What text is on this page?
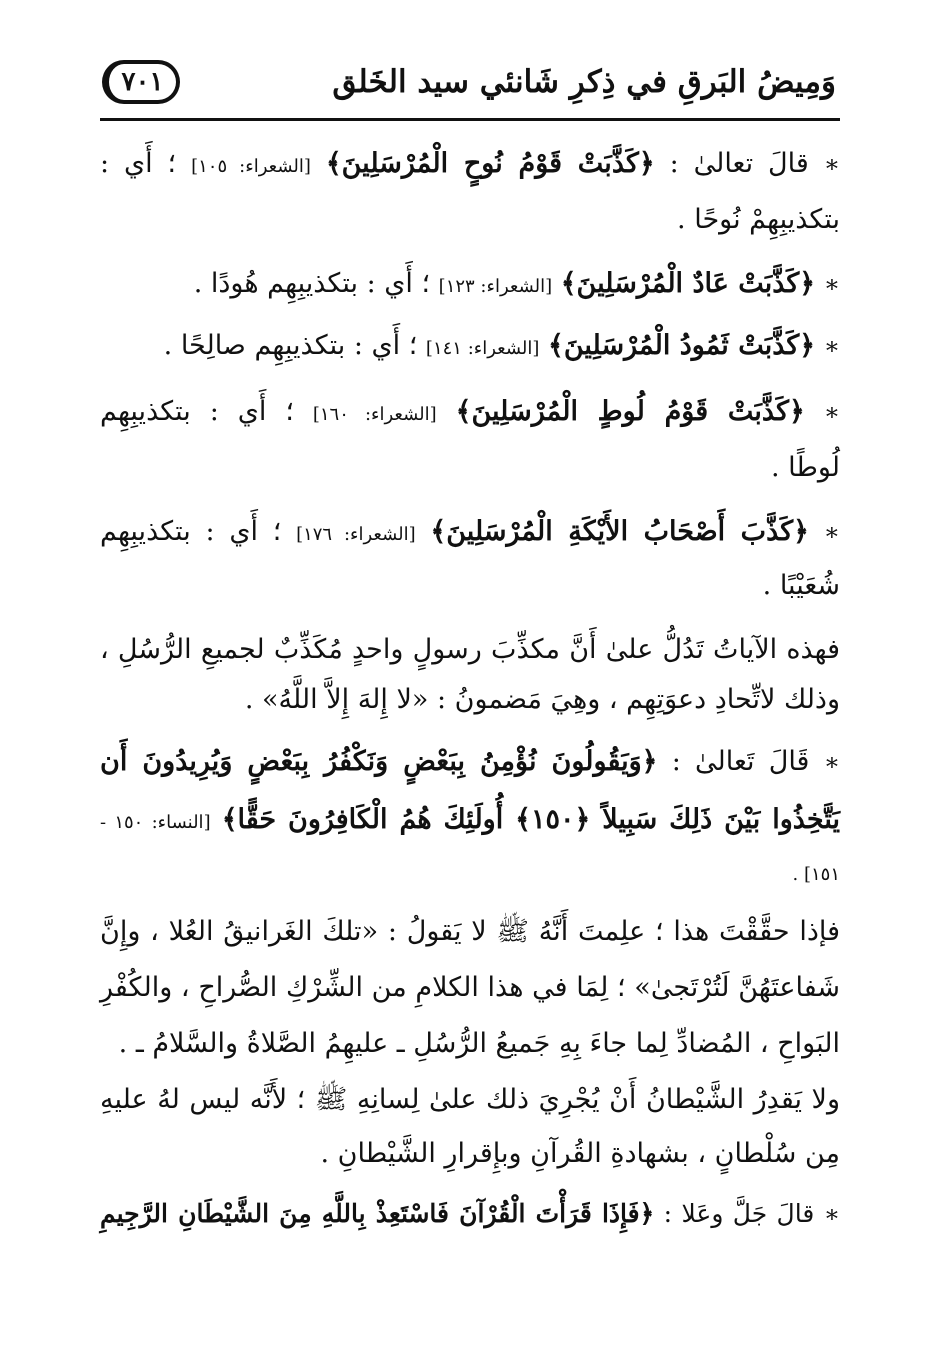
وَمِيضُ البَرقِ في ذِكرِ شَانئي سيد الخَلق
٧٠١
∗ قالَ تعالىٰ : ﴿كَذَّبَتْ قَوْمُ نُوحٍ الْمُرْسَلِينَ﴾ [الشعراء: ١٠٥] ؛ أَي :
بتكذيبِهِمْ نُوحًا .
∗ ﴿كَذَّبَتْ عَادٌ الْمُرْسَلِينَ﴾ [الشعراء: ١٢٣] ؛ أَي : بتكذيبِهِم هُودًا .
∗ ﴿كَذَّبَتْ ثَمُودُ الْمُرْسَلِينَ﴾ [الشعراء: ١٤١] ؛ أَي : بتكذيبِهِم صالِحًا .
∗ ﴿كَذَّبَتْ قَوْمُ لُوطٍ الْمُرْسَلِينَ﴾ [الشعراء: ١٦٠] ؛ أَي : بتكذيبِهِم
لُوطًا .
∗ ﴿كَذَّبَ أَصْحَابُ الأَيْكَةِ الْمُرْسَلِينَ﴾ [الشعراء: ١٧٦] ؛ أَي : بتكذيبِهِم
شُعَيْبًا .
فهذه الآياتُ تَدُلُّ علىٰ أَنَّ مكذِّبَ رسولٍ واحدٍ مُكَذِّبٌ لجميعِ الرُّسُلِ ،
وذلك لاتِّحادِ دعوَتِهِم ، وهِيَ مَضمونُ : «لا إِلهَ إِلاَّ اللَّهُ» .
∗ قَالَ تَعالىٰ : ﴿وَيَقُولُونَ نُؤْمِنُ بِبَعْضٍ وَنَكْفُرُ بِبَعْضٍ وَيُرِيدُونَ أَن
يَتَّخِذُوا بَيْنَ ذَلِكَ سَبِيلاً ﴿١٥٠﴾ أُولَئِكَ هُمُ الْكَافِرُونَ حَقًّا﴾ [النساء: ١٥٠ -
١٥١] .
فإذا حقَّقْتَ هذا ؛ علِمتَ أَنَّهُ ﷺ لا يَقولُ : «تلكَ الغَرانيقُ العُلا ، وإِنَّ
شَفاعتَهُنَّ لَتُرْتَجىٰ» ؛ لِمَا في هذا الكلامِ من الشِّرْكِ الصُّراحِ ، والكُفْرِ
البَواحِ ، المُضادِّ لِما جاءَ بِهِ جَميعُ الرُّسُلِ ـ عليهِمُ الصَّلاةُ والسَّلامُ ـ .
ولا يَقدِرُ الشَّيْطانُ أَنْ يُجْرِيَ ذلك علىٰ لِسانِهِ ﷺ ؛ لأَنَّه ليس لهُ عليهِ
مِن سُلْطانٍ ، بشهادةِ القُرآنِ وبإِقرارِ الشَّيْطانِ .
∗ قالَ جَلَّ وعَلا : ﴿فَإِذَا قَرَأْتَ الْقُرْآنَ فَاسْتَعِذْ بِاللَّهِ مِنَ الشَّيْطَانِ الرَّجِيمِ
